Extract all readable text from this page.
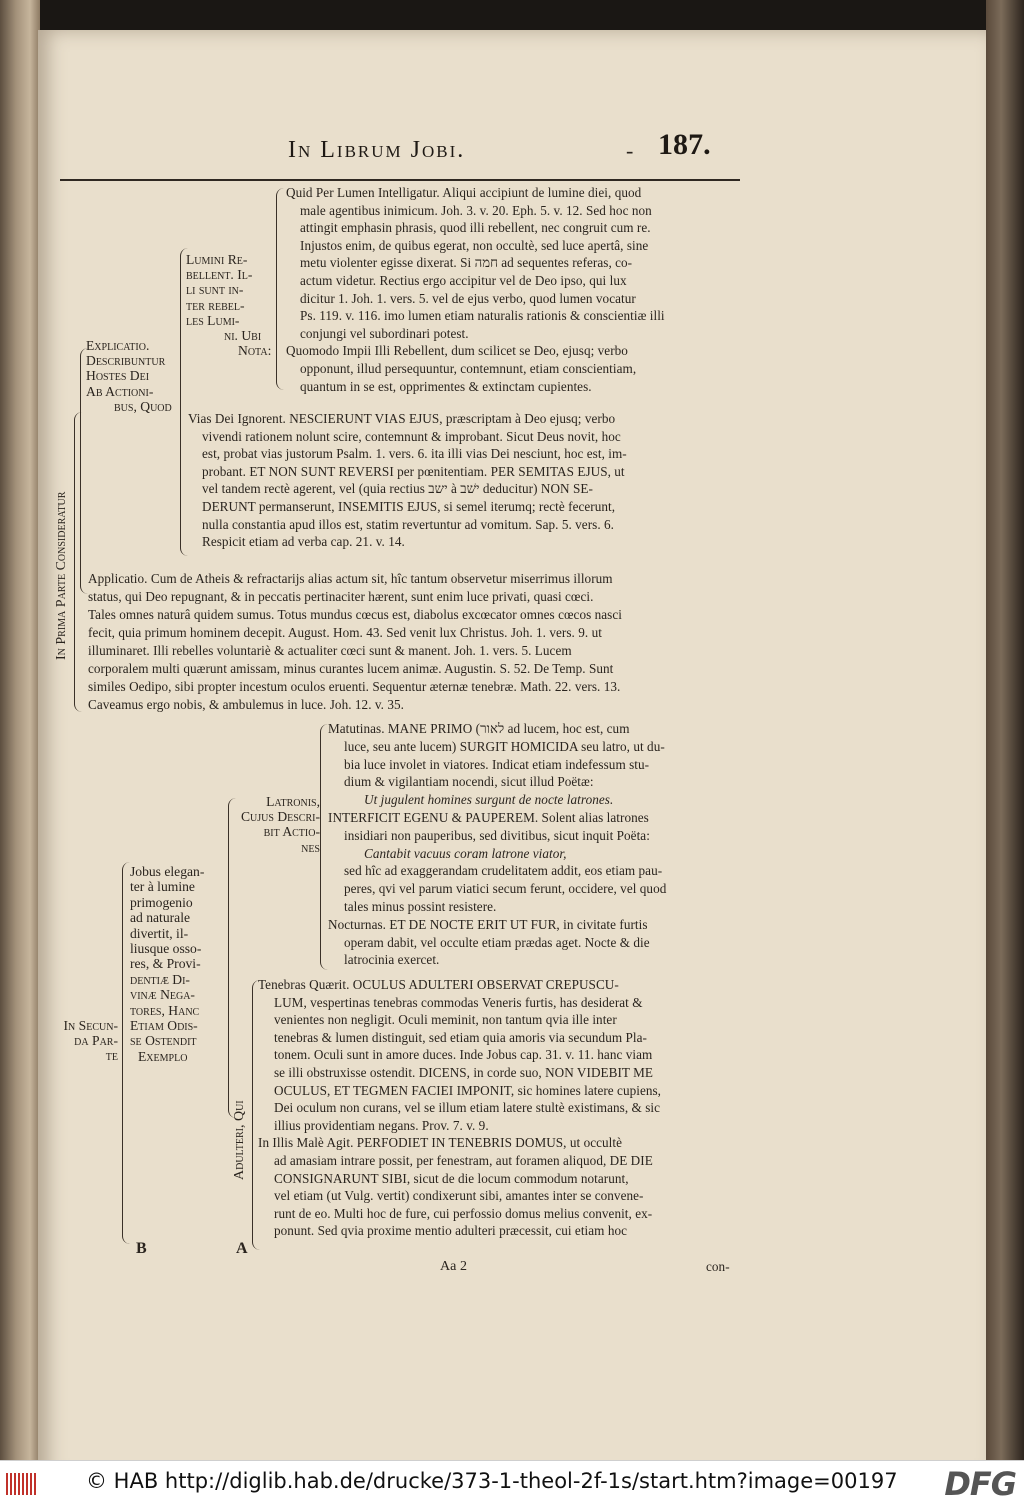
In Librum Jobi.	- 187.
Lumini Re-
bellent. Il-
li sunt in-
ter rebel-
les Lumi-
ni. Ubi
Nota:
Explicatio.
Describuntur
Hostes Dei
Ab Actioni-
bus, Quod
In Prima Parte Consideratur
Latronis,
Cujus Descri-
bit Actio-
nes
Jobus elegan-
ter à lumine
primogenio
ad naturale
divertit, il-
liusque osso-
res, & Provi-
dentiæ Di-
vinæ Nega-
tores, Hanc
Etiam Odis-
se Ostendit
Exemplo
In Secun-
da Par-
te
Adulteri, Qui
Quid Per Lumen Intelligatur. Aliqui accipiunt de lumine diei, quod
male agentibus inimicum. Joh. 3. v. 20. Eph. 5. v. 12. Sed hoc non
attingit emphasin phrasis, quod illi rebellent, nec congruit cum re.
Injustos enim, de quibus egerat, non occultè, sed luce apertâ, sine
metu violenter egisse dixerat. Si חמה ad sequentes referas, co-
actum videtur. Rectius ergo accipitur vel de Deo ipso, qui lux
dicitur 1. Joh. 1. vers. 5. vel de ejus verbo, quod lumen vocatur
Ps. 119. v. 116. imo lumen etiam naturalis rationis & conscientiæ illi
conjungi vel subordinari potest.
Quomodo Impii Illi Rebellent, dum scilicet se Deo, ejusq; verbo
opponunt, illud persequuntur, contemnunt, etiam conscientiam,
quantum in se est, opprimentes & extinctam cupientes.
Vias Dei Ignorent. NESCIERUNT VIAS EJUS, præscriptam à Deo ejusq; verbo
vivendi rationem nolunt scire, contemnunt & improbant. Sicut Deus novit, hoc
est, probat vias justorum Psalm. 1. vers. 6. ita illi vias Dei nesciunt, hoc est, im-
probant. ET NON SUNT REVERSI per pœnitentiam. PER SEMITAS EJUS, ut
vel tandem rectè agerent, vel (quia rectius ישב à ישׁב deducitur) NON SE-
DERUNT permanserunt, INSEMITIS EJUS, si semel iterumq; rectè fecerunt,
nulla constantia apud illos est, statim revertuntur ad vomitum. Sap. 5. vers. 6.
Respicit etiam ad verba cap. 21. v. 14.
Applicatio. Cum de Atheis & refractarijs alias actum sit, hîc tantum observetur miserrimus illorum
status, qui Deo repugnant, & in peccatis pertinaciter hærent, sunt enim luce privati, quasi cœci.
Tales omnes naturâ quidem sumus. Totus mundus cœcus est, diabolus excœcator omnes cœcos nasci
fecit, quia primum hominem decepit. August. Hom. 43. Sed venit lux Christus. Joh. 1. vers. 9. ut
illuminaret. Illi rebelles voluntariè & actualiter cœci sunt & manent. Joh. 1. vers. 5. Lucem
corporalem multi quærunt amissam, minus curantes lucem animæ. Augustin. S. 52. De Temp. Sunt
similes Oedipo, sibi propter incestum oculos eruenti. Sequentur æternæ tenebræ. Math. 22. vers. 13.
Caveamus ergo nobis, & ambulemus in luce. Joh. 12. v. 35.
Matutinas. MANE PRIMO (לאור ad lucem, hoc est, cum
luce, seu ante lucem) SURGIT HOMICIDA seu latro, ut du-
bia luce involet in viatores. Indicat etiam indefessum stu-
dium & vigilantiam nocendi, sicut illud Poëtæ:
Ut jugulent homines surgunt de nocte latrones.
INTERFICIT EGENU & PAUPEREM. Solent alias latrones
insidiari non pauperibus, sed divitibus, sicut inquit Poëta:
Cantabit vacuus coram latrone viator,
sed hîc ad exaggerandam crudelitatem addit, eos etiam pau-
peres, qvi vel parum viatici secum ferunt, occidere, vel quod
tales minus possint resistere.
Nocturnas. ET DE NOCTE ERIT UT FUR, in civitate furtis
operam dabit, vel occulte etiam prædas aget. Nocte & die
latrocinia exercet.
Tenebras Quærit. OCULUS ADULTERI OBSERVAT CREPUSCU-
LUM, vespertinas tenebras commodas Veneris furtis, has desiderat &
venientes non negligit. Oculi meminit, non tantum qvia ille inter
tenebras & lumen distinguit, sed etiam quia amoris via secundum Pla-
tonem. Oculi sunt in amore duces. Inde Jobus cap. 31. v. 11. hanc viam
se illi obstruxisse ostendit. DICENS, in corde suo, NON VIDEBIT ME
OCULUS, ET TEGMEN FACIEI IMPONIT, sic homines latere cupiens,
Dei oculum non curans, vel se illum etiam latere stultè existimans, & sic
illius providentiam negans. Prov. 7. v. 9.
In Illis Malè Agit. PERFODIET IN TENEBRIS DOMUS, ut occultè
ad amasiam intrare possit, per fenestram, aut foramen aliquod, DE DIE
CONSIGNARUNT SIBI, sicut de die locum commodum notarunt,
vel etiam (ut Vulg. vertit) condixerunt sibi, amantes inter se convene-
runt de eo. Multi hoc de fure, cui perfossio domus melius convenit, ex-
ponunt. Sed qvia proxime mentio adulteri præcessit, cui etiam hoc
B	A
Aa 2	con-
© HAB http://diglib.hab.de/drucke/373-1-theol-2f-1s/start.htm?image=00197 DFG
